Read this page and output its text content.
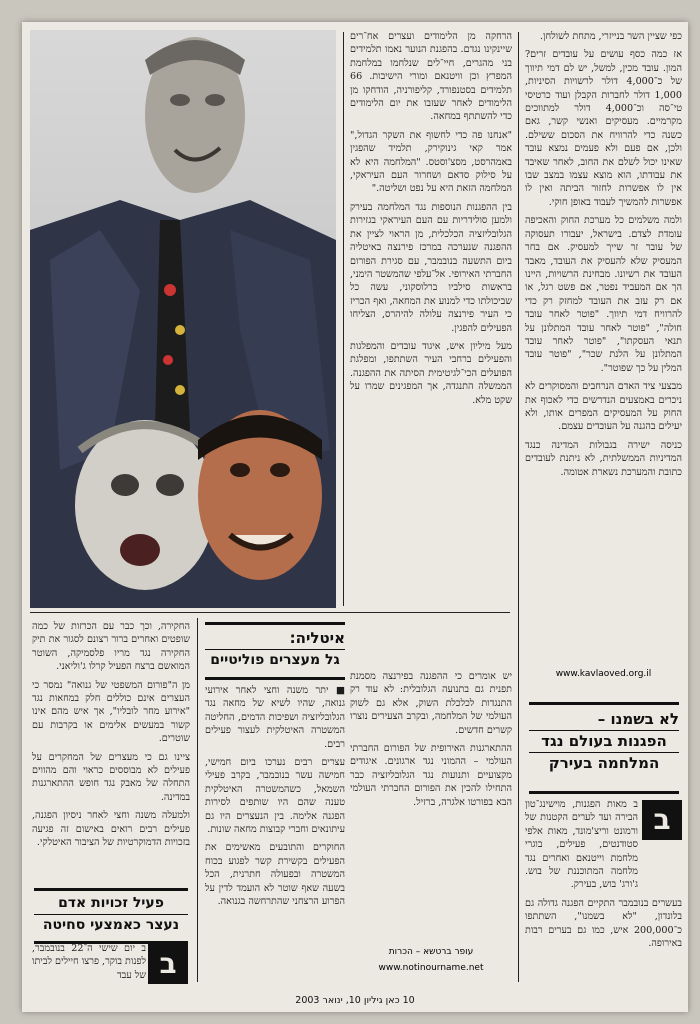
כפי שציין השר בנייזרי, מתחת לשולחן.

אז כמה כסף עושים על עובדים זרים? המון. עובד מכין, למשל, יש לם דמי תיווך של כ־4,000 דולר לרשויות הסיניות, 1,000 דולר לחברות הקבלן ועוד כרטיסי טי־סה וכ־4,000 דולר למתווכים מקרמיים. מעסיקים ואנשי קשר, גאם כשנה כדי להרוויח את הסכום ששילם. ולכן, אם פעם ולא פעמים נמצא עובד שאינו יכול לשלם את החוב, לאחר שאיבד את עבודתו, הוא מוצא עצמו במצב שבו אין לו אפשרות לחזור הביתה ואין לו אפשרות להמשיך לעבוד באופן חוקי.

ולמה משלמים כל מערכת החוק והאכיפה עומדת לצדם. בישראל, יעבורו תעסוקה של עובר זר שייך למעסיק. אם בחר המעסיק שלא להעסיק את העובד, מאבד העובד את רשיונו. מבחינת הרשויות, היינו הך אם המעביד נפטר, אם פשט רגל, או אם רק עזב את העובד למחזק רק כדי להרוויח דמי תיווך. "פוטר לאחר עובד חולה", "פוטר לאחר עובד המתלונן על תנאי העסקתו", "פוטר לאחר עובד המתלונן על הלנת שכר", "פוטר עובד המלין על כך שפוטר".

מבצעי ציד האדם הנרחבים והמסוקרים לא ניכרים באמצעים הנדרשים כדי לאכוף את החוק על המעסיקים המפרים אותו, ולא יעילים בהגנה על העובדים עצמם.

כניסה ישירה בגבולות המדינה כנגד המדיניות הממשלתית, לא ניתנת לעובדים כתובת והמערכת נשארת אטומה.

www.kavlaoved.org.il
לא בשמנו –
הפגנות בעולם נגד
המלחמה בעירק
ב

ב מאות הפגנות, מוישינג־טון הבירה ועד לערים הקטנות של ורמונט וריצ'מונד, מאות אלפי סטודנטים, פעילים, בוגרי מלחמת וייטנאם ואחרים נגד מלחמה המתוכננת של בוש. ג'ורג' בוש, בעירק.

בעשרים בנובמבר התקיים הפגנה גדולה גם בלונדון, "לא בשמנו", השתתפו כ־200,000 איש, כמו גם בערים רבות באירופה.

הרחקה מן הלימודים ועצרים אח־רים שיינקינו נגדם. בהפגנת הנוער נאמו תלמידים בני מהגרים, חיי־לים שנלחמו במלחמת המפרץ וכן וויטנאם ומורי הישיבות. 66 תלמידים בסטנפורד, קליפורניה, הודחקו מן הלימודים לאחר שעזבו את יום הלימודים כדי להשתתף במחאה.

"אנחנו פה כדי לחשוף את השקר הגדול," אמר קאי גינוקירק, תלמיד שהפגין באמהרסט, מסצ'וסטס. "המלחמה היא לא על סילוק סדאם ושחרור העם העיראקי, המלחמה הזאת היא על נפט ושליטה."

בין ההפגנות הנוספות נגד המלחמה בעירק ולמען סולידריות עם העם העיראקי בגזירות הגלובליזציה הכלכלית, מן הראוי לציין את ההפגנה שנערכה במרכז פירנצה באיטליה ביום התשעה בנובמבר, עם סגירת הפורום החברתי האירופי. אל־עלפי שהמשטר הימני, בראשות סילביו ברלוסקוני, עשה כל שביכולתו כדי למנוע את המחאה, ואף הכריז כי העיר פירנצה עלולה להיהרס, הצליחו הפעילים להפגין.

מעל מיליון איש, איגוד עובדים והמפלגות והפעילים ברחבי העיר השתתפו, ומפלגת הפועלים הכי־לגיטימית הסיתה את ההפגנה. הממשלה התנגדה, אך המפגינים שמרו על שקט מלא.

יש אומרים כי ההפגנה בפירנצה מסמנת תפנית גם בתנועה הגלובלית: לא עוד רק התנגדות לכלכלת השוק, אלא גם לשוק העולמי של המלחמה, ובקרב הצעירים נוצרו קשרים חדשים.

ההתארגנות האירופית של הפורום החברתי העולמי – ההמוני נגד ארגונים. איגודים מקצועיים ותנועות נגד הגלובליזציה כבר התחילו להכין את הפורום החברתי העולמי הבא בפורטו אלגרה, ברזיל.

עופר ברטשא – הכרות
www.notinourname.net
איטליה:
גל מעצרים פוליטיים

■ יתר משנה וחצי לאחר אירועי גנואה, שהיו לשיא של מחאה נגד הגלובליזציה ושפיכות הדמים, החליטה המשטרה האיטלקית לעצור פעילים רבים.

עצרים רבים נערכו ביום חמישי, חמישה עשר בנובמבר, בקרב פעילי השמאל, כשהמשטרה האיטלקית טענה שהם היו שותפים לסירות הפגנה אלימה. בין הנעצרים היו גם עיתונאים וחברי קבוצות מחאה שונות.

החוקרים והתובעים מאשימים את הפעילים בקשירת קשר לפגוע בכוח המשטרה ובפעולה חתרנית, הכל בשעה שאף שוטר לא הועמד לדין על הפרוע הרצחני שהתרחשה בגנואה.

החקירה, וכך כבר עם הכרזות של כמה שופטים ואחרים ברור רצונם לסגור את תיק החקירה נגד מריו פלסמיקה, השוטר המואשם ברצח הפעיל קרלו ג'וליאני.

מן ה"פורום המשפטי של גנואה" נמסר כי העצרים אינם כוללים חלק במחאות נגד "אירוע מחר לובליו", אך איש מהם אינו קשור במעשים אלימים או בקרבות עם שוטרים.

ציינו גם כי מעצרים של המחקרים על פעילים לא מבוססים כראוי והם מהווים התחלה של מאבק נגד חופש ההתארגנות במדינה.

ולמעלה משנה וחצי לאחר ניסיון הפגנה, פעילים רבים רואים באישום זה פגיעה בזכויות הדמוקרטיות של הציבור האיטלקי.

פעיל זכויות אדם
נעצר כאמצעי סחיטה
ב

ב יום שישי ה־22 בנובמבר, לפנות בוקר, פרצו חיילים לביתו של עבד

10 כאן גיליון 10, ינואר 2003
